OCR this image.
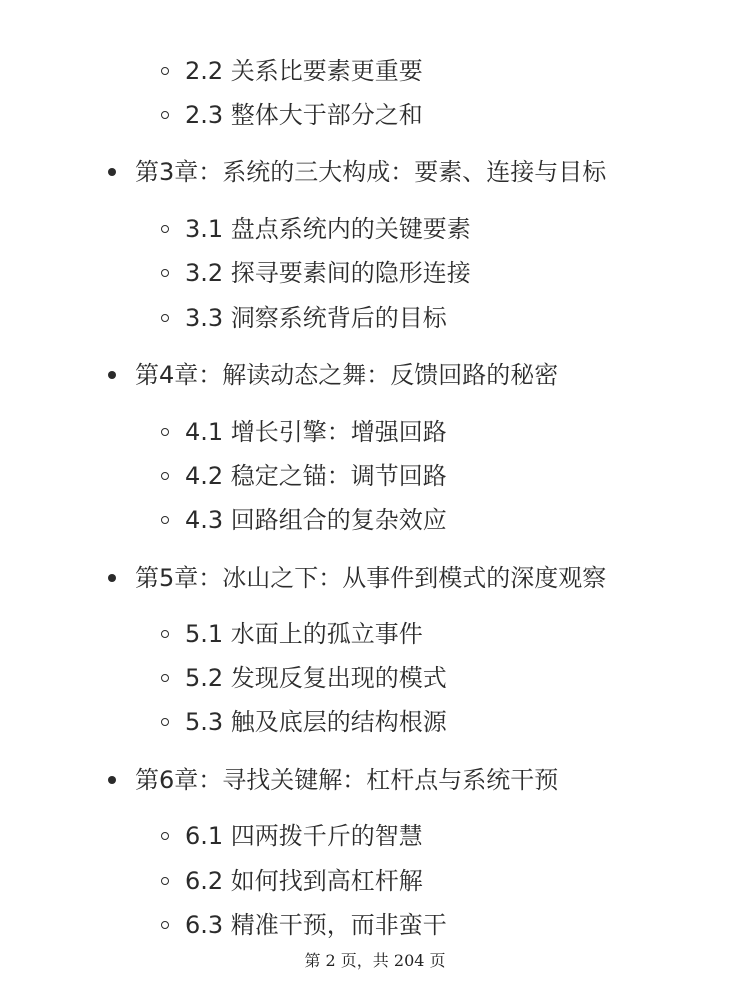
2.2 关系比要素更重要
2.3 整体大于部分之和
第3章：系统的三大构成：要素、连接与目标
3.1 盘点系统内的关键要素
3.2 探寻要素间的隐形连接
3.3 洞察系统背后的目标
第4章：解读动态之舞：反馈回路的秘密
4.1 增长引擎：增强回路
4.2 稳定之锚：调节回路
4.3 回路组合的复杂效应
第5章：冰山之下：从事件到模式的深度观察
5.1 水面上的孤立事件
5.2 发现反复出现的模式
5.3 触及底层的结构根源
第6章：寻找关键解：杠杆点与系统干预
6.1 四两拨千斤的智慧
6.2 如何找到高杠杆解
6.3 精准干预，而非蛮干
第 2 页，共 204 页
